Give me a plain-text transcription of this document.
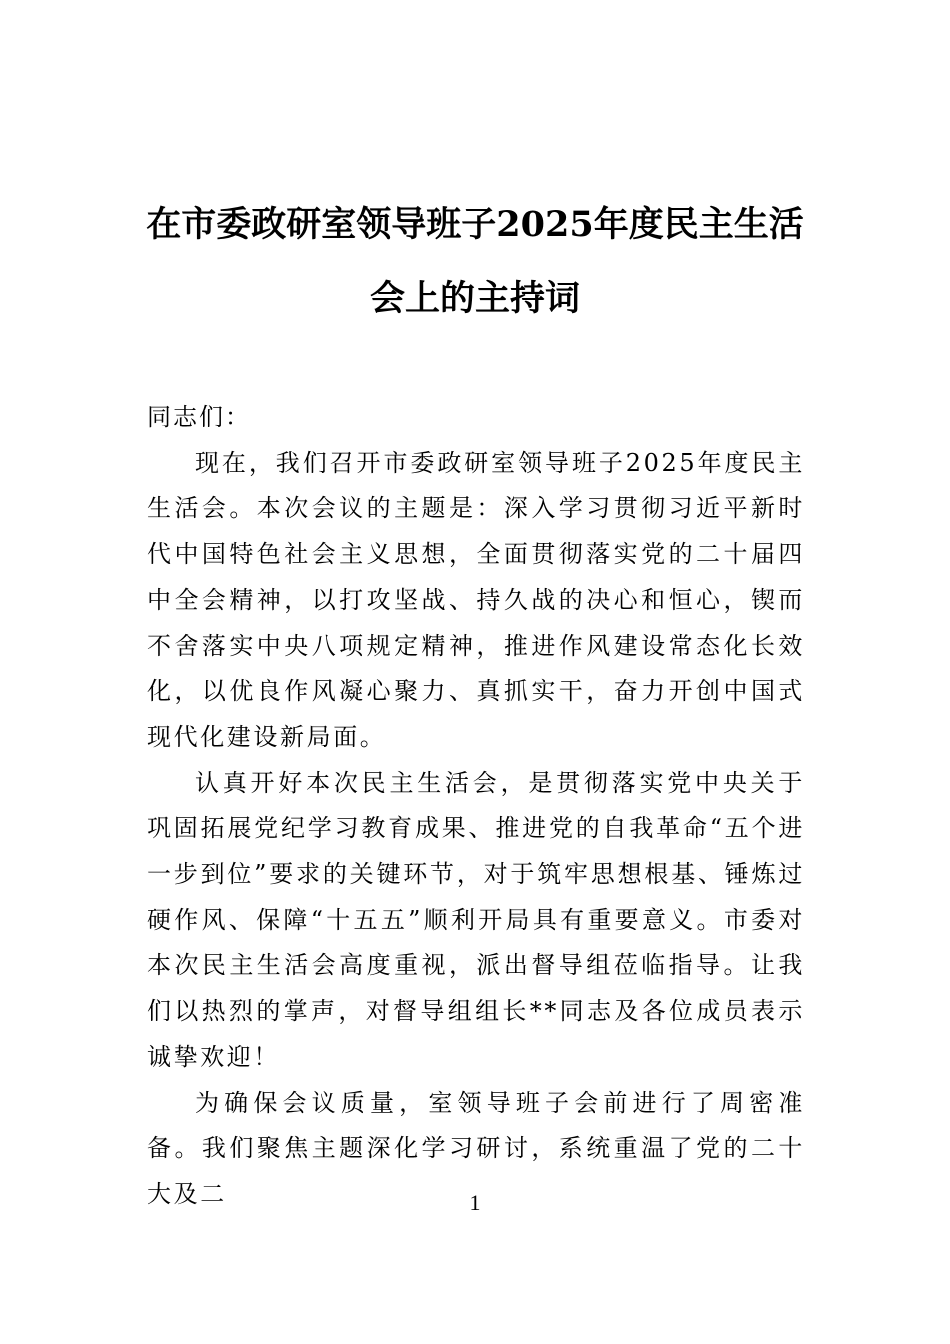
在市委政研室领导班子2025年度民主生活
会上的主持词

同志们：

现在，我们召开市委政研室领导班子2025年度民主生活会。本次会议的主题是：深入学习贯彻习近平新时代中国特色社会主义思想，全面贯彻落实党的二十届四中全会精神，以打攻坚战、持久战的决心和恒心，锲而不舍落实中央八项规定精神，推进作风建设常态化长效化，以优良作风凝心聚力、真抓实干，奋力开创中国式现代化建设新局面。

认真开好本次民主生活会，是贯彻落实党中央关于巩固拓展党纪学习教育成果、推进党的自我革命“五个进一步到位”要求的关键环节，对于筑牢思想根基、锤炼过硬作风、保障“十五五”顺利开局具有重要意义。市委对本次民主生活会高度重视，派出督导组莅临指导。让我们以热烈的掌声，对督导组组长**同志及各位成员表示诚挚欢迎！

为确保会议质量，室领导班子会前进行了周密准备。我们聚焦主题深化学习研讨，系统重温了党的二十大及二	1
